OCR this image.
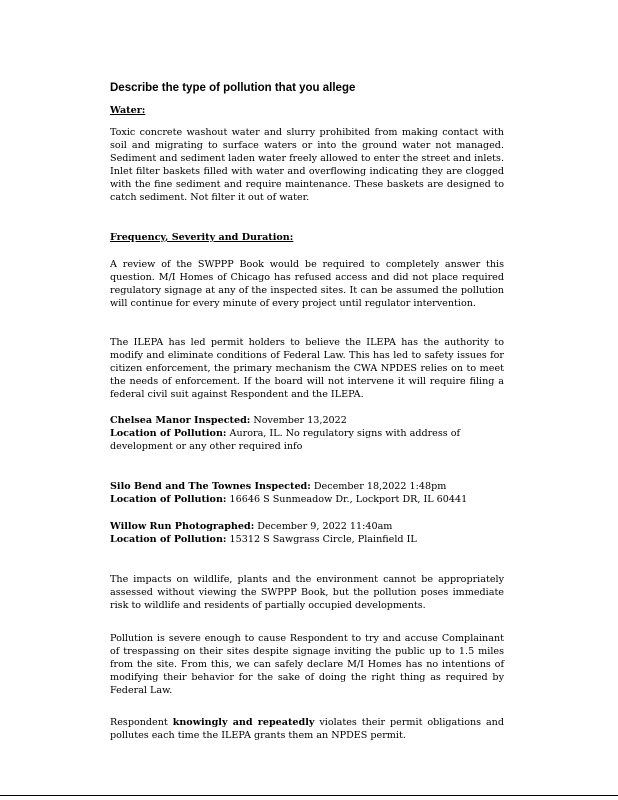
Describe the type of pollution that you allege
Water:
Toxic concrete washout water and slurry prohibited from making contact with soil and migrating to surface waters or into the ground water not managed. Sediment and sediment laden water freely allowed to enter the street and inlets. Inlet filter baskets filled with water and overflowing indicating they are clogged with the fine sediment and require maintenance. These baskets are designed to catch sediment. Not filter it out of water.
Frequency, Severity and Duration:
A review of the SWPPP Book would be required to completely answer this question. M/I Homes of Chicago has refused access and did not place required regulatory signage at any of the inspected sites. It can be assumed the pollution will continue for every minute of every project until regulator intervention.
The ILEPA has led permit holders to believe the ILEPA has the authority to modify and eliminate conditions of Federal Law. This has led to safety issues for citizen enforcement, the primary mechanism the CWA NPDES relies on to meet the needs of enforcement. If the board will not intervene it will require filing a federal civil suit against Respondent and the ILEPA.
Chelsea Manor Inspected: November 13,2022
Location of Pollution: Aurora, IL. No regulatory signs with address of development or any other required info
Silo Bend and The Townes Inspected: December 18,2022 1:48pm
Location of Pollution: 16646 S Sunmeadow Dr., Lockport DR, IL 60441
Willow Run Photographed: December 9, 2022 11:40am
Location of Pollution: 15312 S Sawgrass Circle, Plainfield IL
The impacts on wildlife, plants and the environment cannot be appropriately assessed without viewing the SWPPP Book, but the pollution poses immediate risk to wildlife and residents of partially occupied developments.
Pollution is severe enough to cause Respondent to try and accuse Complainant of trespassing on their sites despite signage inviting the public up to 1.5 miles from the site. From this, we can safely declare M/I Homes has no intentions of modifying their behavior for the sake of doing the right thing as required by Federal Law.
Respondent knowingly and repeatedly violates their permit obligations and pollutes each time the ILEPA grants them an NPDES permit.
